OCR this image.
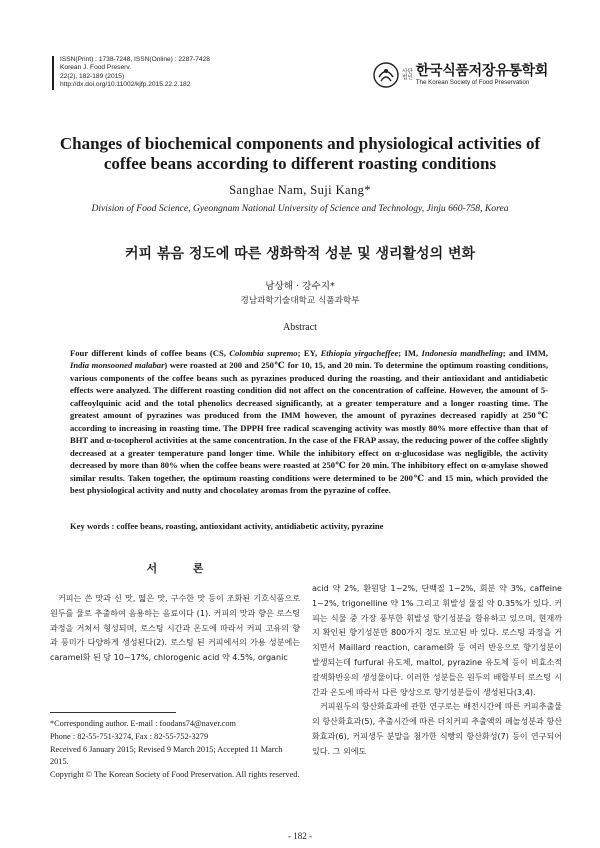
ISSN(Print) : 1738-7248, ISSN(Online) : 2287-7428
Korean J. Food Preserv.
22(2), 182-189 (2015)
http://dx.doi.org/10.11002/kjfp.2015.22.2.182
사단
법인 한국식품저장유통학회
The Korean Society of Food Preservation
Changes of biochemical components and physiological activities of coffee beans according to different roasting conditions
Sanghae Nam, Suji Kang*
Division of Food Science, Gyeongnam National University of Science and Technology, Jinju 660-758, Korea
커피 볶음 정도에 따른 생화학적 성분 및 생리활성의 변화
남상해 · 강수지*
경남과학기술대학교 식품과학부
Abstract
Four different kinds of coffee beans (CS, Colombia supremo; EY, Ethiopia yirgacheffee; IM, Indonesia mandheling; and IMM, India monsooned malabar) were roasted at 200 and 250℃ for 10, 15, and 20 min. To determine the optimum roasting conditions, various components of the coffee beans such as pyrazines produced during the roasting, and their antioxidant and antidiabetic effects were analyzed. The different roasting condition did not affect on the concentration of caffeine. However, the amount of 5-caffeoylquinic acid and the total phenolics decreased significantly, at a greater temperature and a longer roasting time. The greatest amount of pyrazines was produced from the IMM however, the amount of pyrazines decreased rapidly at 250℃ according to increasing in roasting time. The DPPH free radical scavenging activity was mostly 80% more effective than that of BHT and α-tocopherol activities at the same concentration. In the case of the FRAP assay, the reducing power of the coffee slightly decreased at a greater temperature pand longer time. While the inhibitory effect on α-glucosidase was negligible, the activity decreased by more than 80% when the coffee beans were roasted at 250℃ for 20 min. The inhibitory effect on α-amylase showed similar results. Taken together, the optimum roasting conditions were determined to be 200℃ and 15 min, which provided the best physiological activity and nutty and chocolatey aromas from the pyrazine of coffee.
Key words : coffee beans, roasting, antioxidant activity, antidiabetic activity, pyrazine
서 론

커피는 쓴 맛과 신 맛, 떫은 맛, 구수한 맛 등이 조화된 기호식품으로 원두를 물로 추출하여 음용하는 음료이다 (1). 커피의 맛과 향은 로스팅 과정을 거쳐서 형성되며, 로스팅 시간과 온도에 따라서 커피 고유의 향과 풍미가 다양하게 생성된다(2). 로스팅 된 커피에서의 가용 성분에는 caramel화 된 당 10~17%, chlorogenic acid 약 4.5%, organic

acid 약 2%, 환원당 1~2%, 단백질 1~2%, 회분 약 3%, caffeine 1~2%, trigonelline 약 1% 그리고 휘발성 물질 약 0.35%가 있다. 커피는 식물 중 가장 풍부한 휘발성 향기성분을 함유하고 있으며, 현재까지 확인된 향기성분만 800가지 정도 보고된 바 있다. 로스팅 과정을 거치면서 Maillard reaction, caramel화 등 여러 반응으로 향기성분이 발생되는데 furfural 유도체, maltol, pyrazine 유도체 등이 비효소적 갈색화반응의 생성물이다. 이러한 성분들은 원두의 배합부터 로스팅 시간과 온도에 따라서 다른 양상으로 향기성분들이 생성된다(3,4).

커피원두의 항산화효과에 관한 연구로는 배전시간에 따른 커피추출물의 항산화효과(5), 추출시간에 따른 더치커피 추출액의 페놀성분과 항산화효과(6), 커피생두 분말을 첨가한 식빵의 항산화성(7) 등이 연구되어 있다. 그 외에도

*Corresponding author. E-mail : foodans74@naver.com
Phone : 82-55-751-3274, Fax : 82-55-752-3279
Received 6 January 2015; Revised 9 March 2015; Accepted 11 March 2015.
Copyright © The Korean Society of Food Preservation. All rights reserved.
- 182 -
